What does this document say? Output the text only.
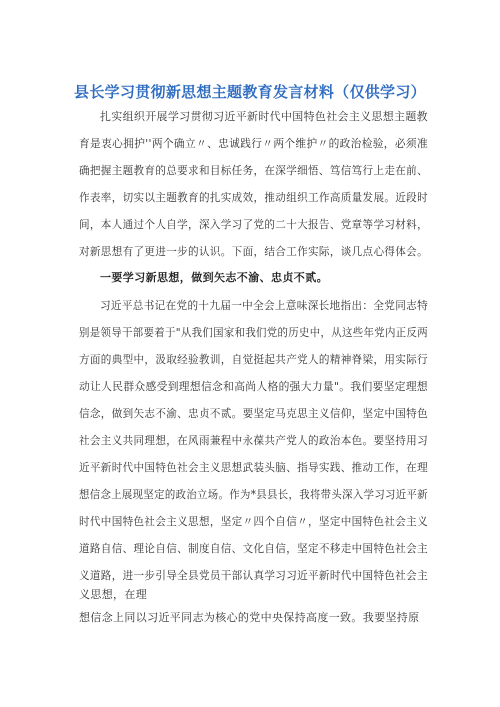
县长学习贯彻新思想主题教育发言材料（仅供学习）
扎实组织开展学习贯彻习近平新时代中国特色社会主义思想主题教
育是衷心拥护''两个确立〃、忠诚践行〃两个维护〃的政治检验，必须准
确把握主题教育的总要求和目标任务，在深学细悟、笃信笃行上走在前、
作表率，切实以主题教育的扎实成效，推动组织工作高质量发展。近段时
间，本人通过个人自学，深入学习了党的二十大报告、党章等学习材料，
对新思想有了更进一步的认识。下面，结合工作实际，谈几点心得体会。
一要学习新思想，做到矢志不渝、忠贞不贰。
习近平总书记在党的十九届一中全会上意味深长地指出：全党同志特
别是领导干部要着于"从我们国家和我们党的历史中，从这些年党内正反两
方面的典型中，汲取经验教训，自觉挺起共产党人的精神脊梁，用实际行
动让人民群众感受到理想信念和高尚人格的强大力量"。我们要坚定理想
信念，做到矢志不渝、忠贞不贰。要坚定马克思主义信仰，坚定中国特色
社会主义共同理想，在风雨兼程中永葆共产党人的政治本色。要坚持用习
近平新时代中国特色社会主义思想武装头脑、指导实践、推动工作，在理
想信念上展现坚定的政治立场。作为*县县长，我将带头深入学习习近平新
时代中国特色社会主义思想，坚定〃四个自信〃，坚定中国特色社会主义
道路自信、理论自信、制度自信、文化自信，坚定不移走中国特色社会主
义道路，进一步引导全县党员干部认真学习习近平新时代中国特色社会主
义思想，在理
想信念上同以习近平同志为核心的党中央保持高度一致。我要坚持原
